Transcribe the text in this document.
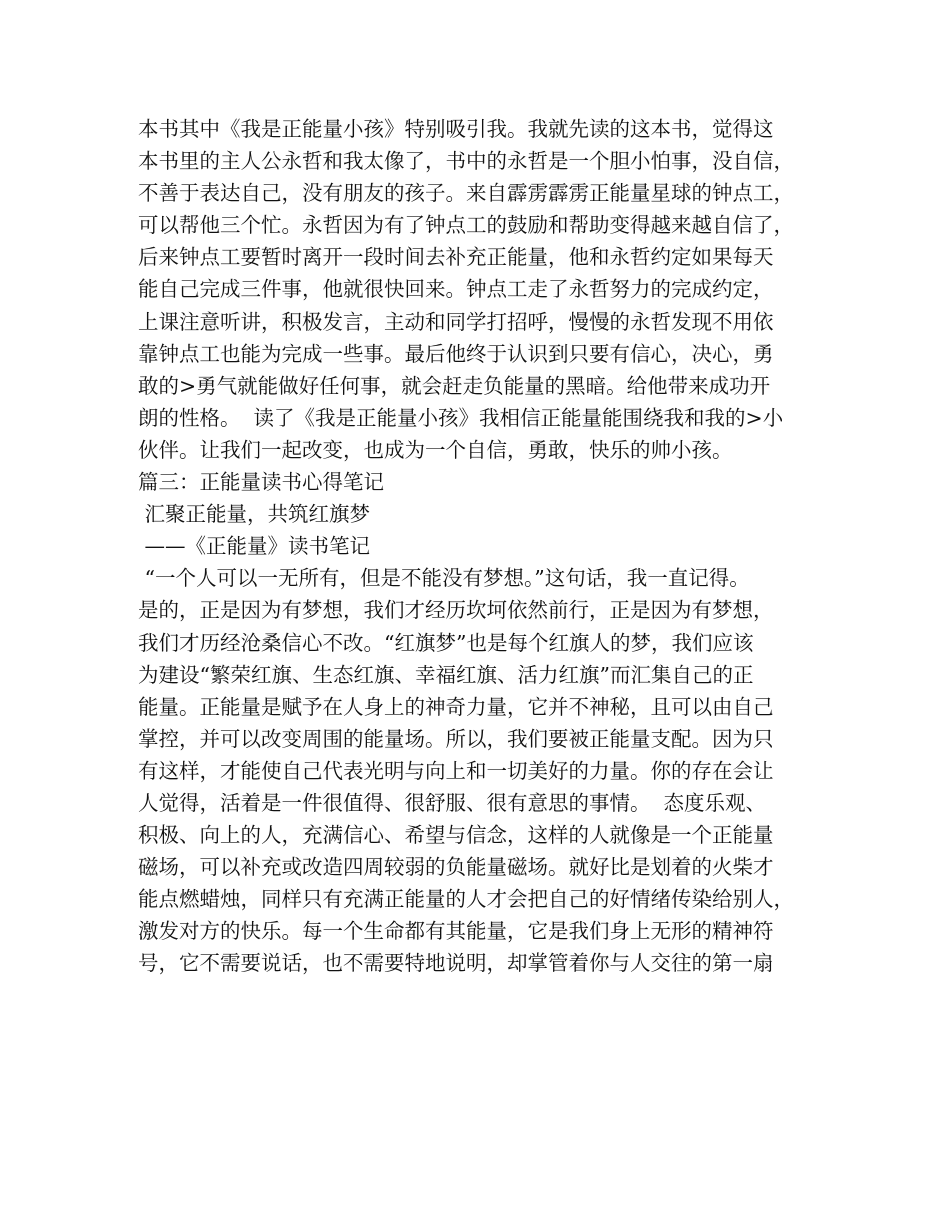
本书其中《我是正能量小孩》特别吸引我。我就先读的这本书，觉得这
本书里的主人公永哲和我太像了，书中的永哲是一个胆小怕事，没自信，
不善于表达自己，没有朋友的孩子。来自霹雳霹雳正能量星球的钟点工，
可以帮他三个忙。永哲因为有了钟点工的鼓励和帮助变得越来越自信了，
后来钟点工要暂时离开一段时间去补充正能量，他和永哲约定如果每天
能自己完成三件事，他就很快回来。钟点工走了永哲努力的完成约定，
上课注意听讲，积极发言，主动和同学打招呼，慢慢的永哲发现不用依
靠钟点工也能为完成一些事。最后他终于认识到只要有信心，决心，勇
敢的>勇气就能做好任何事，就会赶走负能量的黑暗。给他带来成功开
朗的性格。  读了《我是正能量小孩》我相信正能量能围绕我和我的>小
伙伴。让我们一起改变，也成为一个自信，勇敢，快乐的帅小孩。
篇三：正能量读书心得笔记
汇聚正能量，共筑红旗梦
——《正能量》读书笔记
“一个人可以一无所有，但是不能没有梦想。”这句话，我一直记得。
是的，正是因为有梦想，我们才经历坎坷依然前行，正是因为有梦想，
我们才历经沧桑信心不改。“红旗梦”也是每个红旗人的梦，我们应该
为建设“繁荣红旗、生态红旗、幸福红旗、活力红旗”而汇集自己的正
能量。正能量是赋予在人身上的神奇力量，它并不神秘，且可以由自己
掌控，并可以改变周围的能量场。所以，我们要被正能量支配。因为只
有这样，才能使自己代表光明与向上和一切美好的力量。你的存在会让
人觉得，活着是一件很值得、很舒服、很有意思的事情。  态度乐观、
积极、向上的人，充满信心、希望与信念，这样的人就像是一个正能量
磁场，可以补充或改造四周较弱的负能量磁场。就好比是划着的火柴才
能点燃蜡烛，同样只有充满正能量的人才会把自己的好情绪传染给别人，
激发对方的快乐。每一个生命都有其能量，它是我们身上无形的精神符
号，它不需要说话，也不需要特地说明，却掌管着你与人交往的第一扇
